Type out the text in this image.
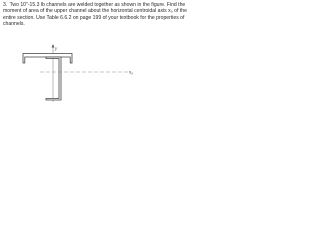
3. Two 10"-15.3 lb channels are welded together as shown in the figure. Find the moment of area of the upper channel about the horizontal centroidal axis x₀ of the entire section. Use Table 6.6.2 on page 199 of your textbook for the properties of channels.
y
x₀
